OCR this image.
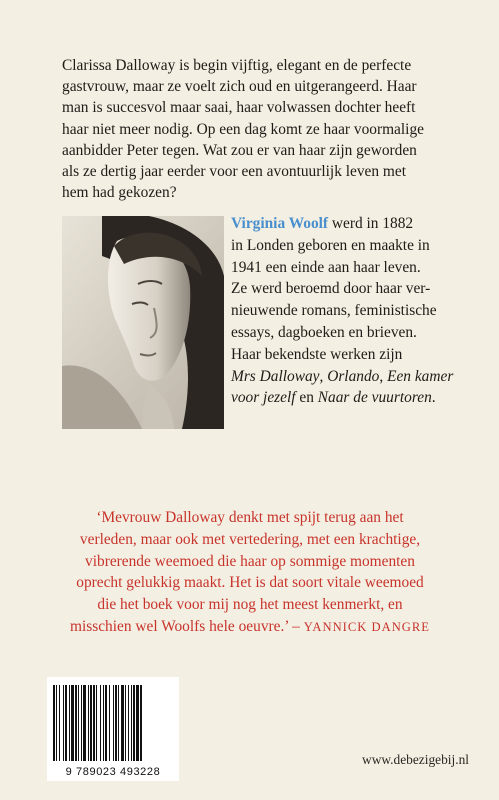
Clarissa Dalloway is begin vijftig, elegant en de perfecte
gastvrouw, maar ze voelt zich oud en uitgerangeerd. Haar
man is succesvol maar saai, haar volwassen dochter heeft
haar niet meer nodig. Op een dag komt ze haar voormalige
aanbidder Peter tegen. Wat zou er van haar zijn geworden
als ze dertig jaar eerder voor een avontuurlijk leven met
hem had gekozen?
Virginia Woolf werd in 1882
in Londen geboren en maakte in
1941 een einde aan haar leven.
Ze werd beroemd door haar ver-
nieuwende romans, feministische
essays, dagboeken en brieven.
Haar bekendste werken zijn
Mrs Dalloway, Orlando, Een kamer
voor jezelf en Naar de vuurtoren.
‘Mevrouw Dalloway denkt met spijt terug aan het
verleden, maar ook met vertedering, met een krachtige,
vibrerende weemoed die haar op sommige momenten
oprecht gelukkig maakt. Het is dat soort vitale weemoed
die het boek voor mij nog het meest kenmerkt, en
misschien wel Woolfs hele oeuvre.’ – YANNICK DANGRE
9 789023 493228
www.debezigebij.nl
